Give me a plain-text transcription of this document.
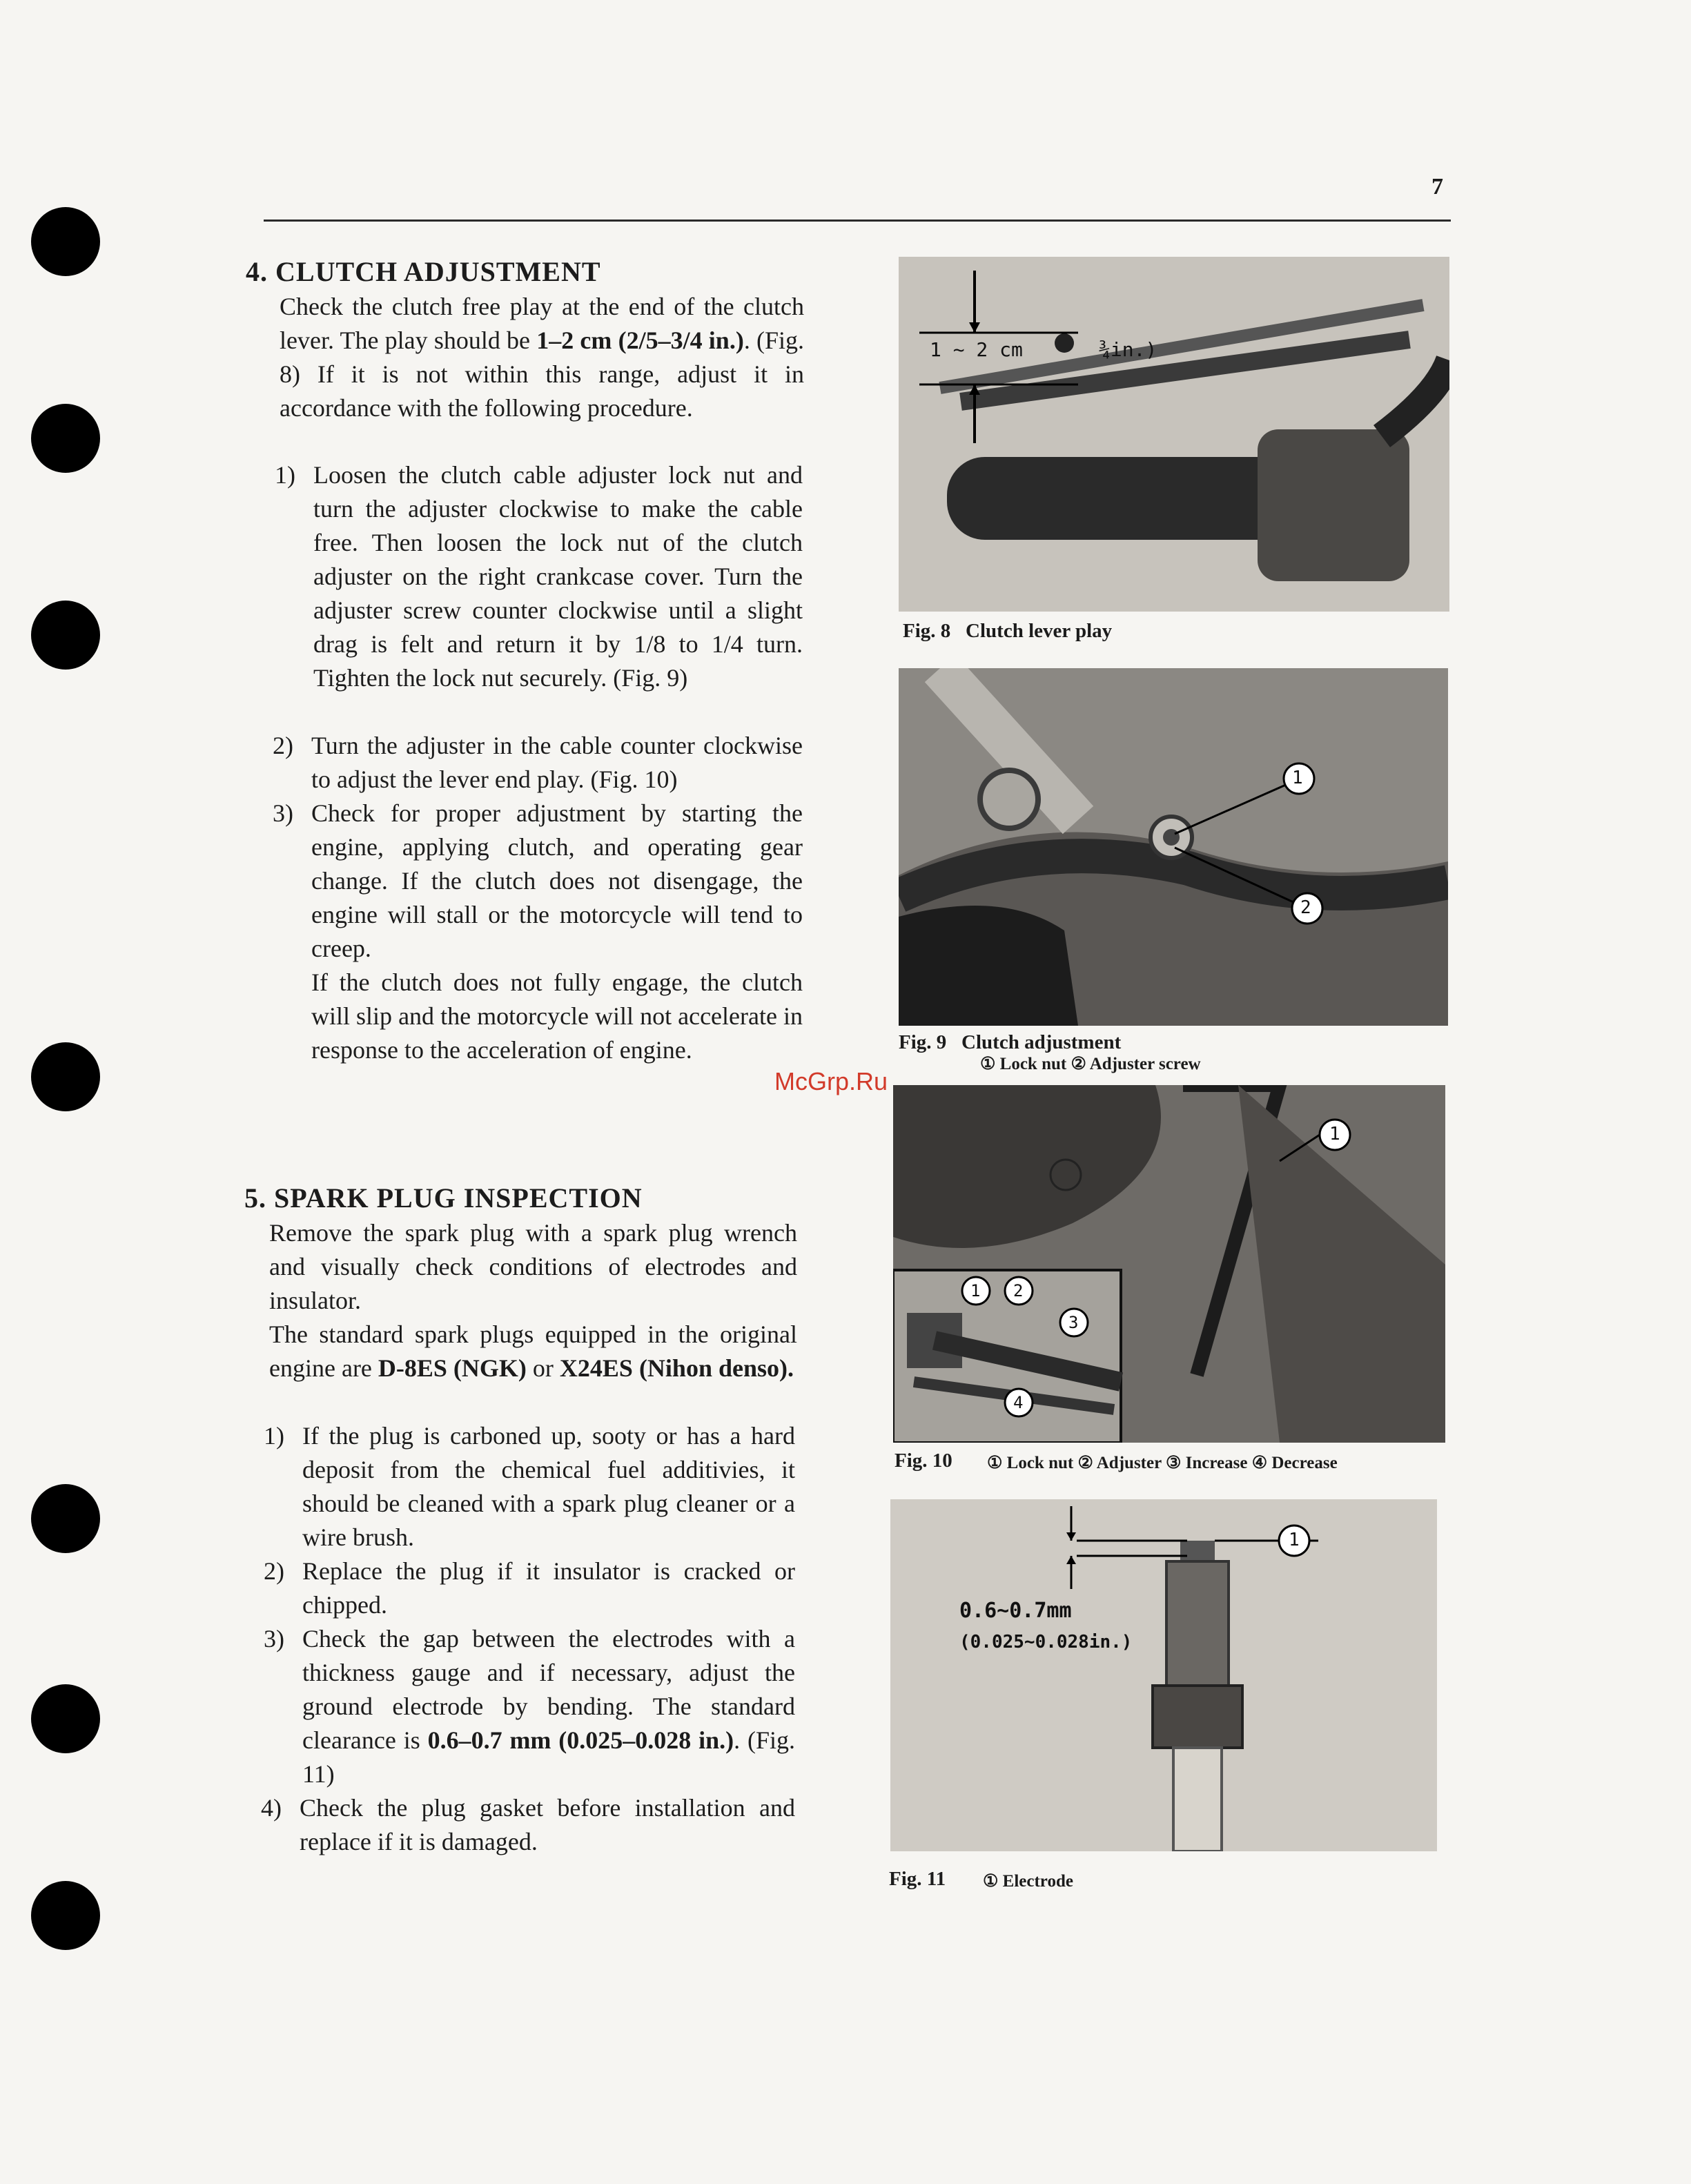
7
4. CLUTCH ADJUSTMENT

Check the clutch free play at the end of the clutch lever. The play should be 1–2 cm (2/5–3/4 in.). (Fig. 8) If it is not within this range, adjust it in accordance with the following procedure.

1) Loosen the clutch cable adjuster lock nut and turn the adjuster clockwise to make the cable free. Then loosen the lock nut of the clutch adjuster on the right crankcase cover. Turn the adjuster screw counter clockwise until a slight drag is felt and return it by 1/8 to 1/4 turn. Tighten the lock nut securely. (Fig. 9)
2) Turn the adjuster in the cable counter clockwise to adjust the lever end play. (Fig. 10)
3) Check for proper adjustment by starting the engine, applying clutch, and operating gear change. If the clutch does not disengage, the engine will stall or the motorcycle will tend to creep.
If the clutch does not fully engage, the clutch will slip and the motorcycle will not accelerate in response to the acceleration of engine.
5. SPARK PLUG INSPECTION

Remove the spark plug with a spark plug wrench and visually check conditions of electrodes and insulator.

The standard spark plugs equipped in the original engine are D-8ES (NGK) or X24ES (Nihon denso).

1) If the plug is carboned up, sooty or has a hard deposit from the chemical fuel additivies, it should be cleaned with a spark plug cleaner or a wire brush.
2) Replace the plug if it insulator is cracked or chipped.
3) Check the gap between the electrodes with a thickness gauge and if necessary, adjust the ground electrode by bending. The standard clearance is 0.6–0.7 mm (0.025–0.028 in.). (Fig. 11)
4) Check the plug gasket before installation and replace if it is damaged.
1 ~ 2 cm	¾in.)
Fig. 8 Clutch lever play
1
2
Fig. 9 Clutch adjustment
① Lock nut ② Adjuster screw
McGrp.Ru
1 2
3
4
1
Fig. 10 ① Lock nut ② Adjuster ③ Increase ④ Decrease
0.6~0.7mm
(0.025~0.028in.)
1
Fig. 11 ① Electrode
